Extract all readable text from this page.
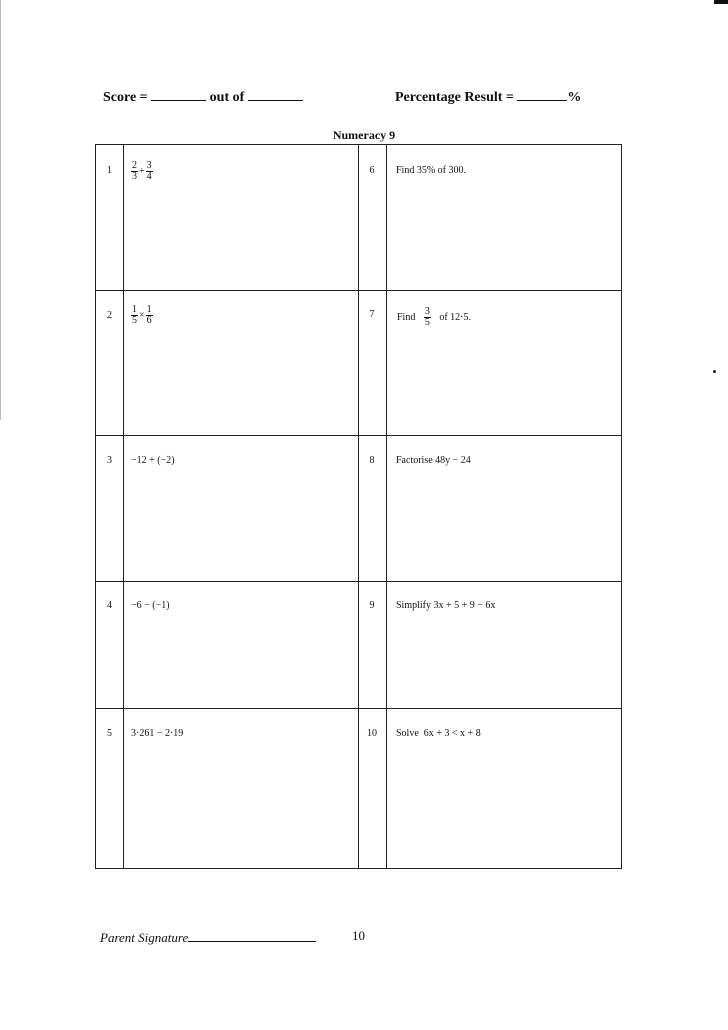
Score =	out of	Percentage Result =	%
Numeracy 9
1	$\frac{2}{3} + \frac{3}{4}$	6	Find 35% of 300.
2	$\frac{1}{5} \times \frac{1}{6}$	7	Find $\frac{3}{5}$ of 12·5.
3	−12 + (−2)	8	Factorise 48y − 24
4	−6 − (−1)	9	Simplify 3x + 5 + 9 − 6x
5	3·261 − 2·19	10	Solve  6x + 3 < x + 8
Parent Signature	10
